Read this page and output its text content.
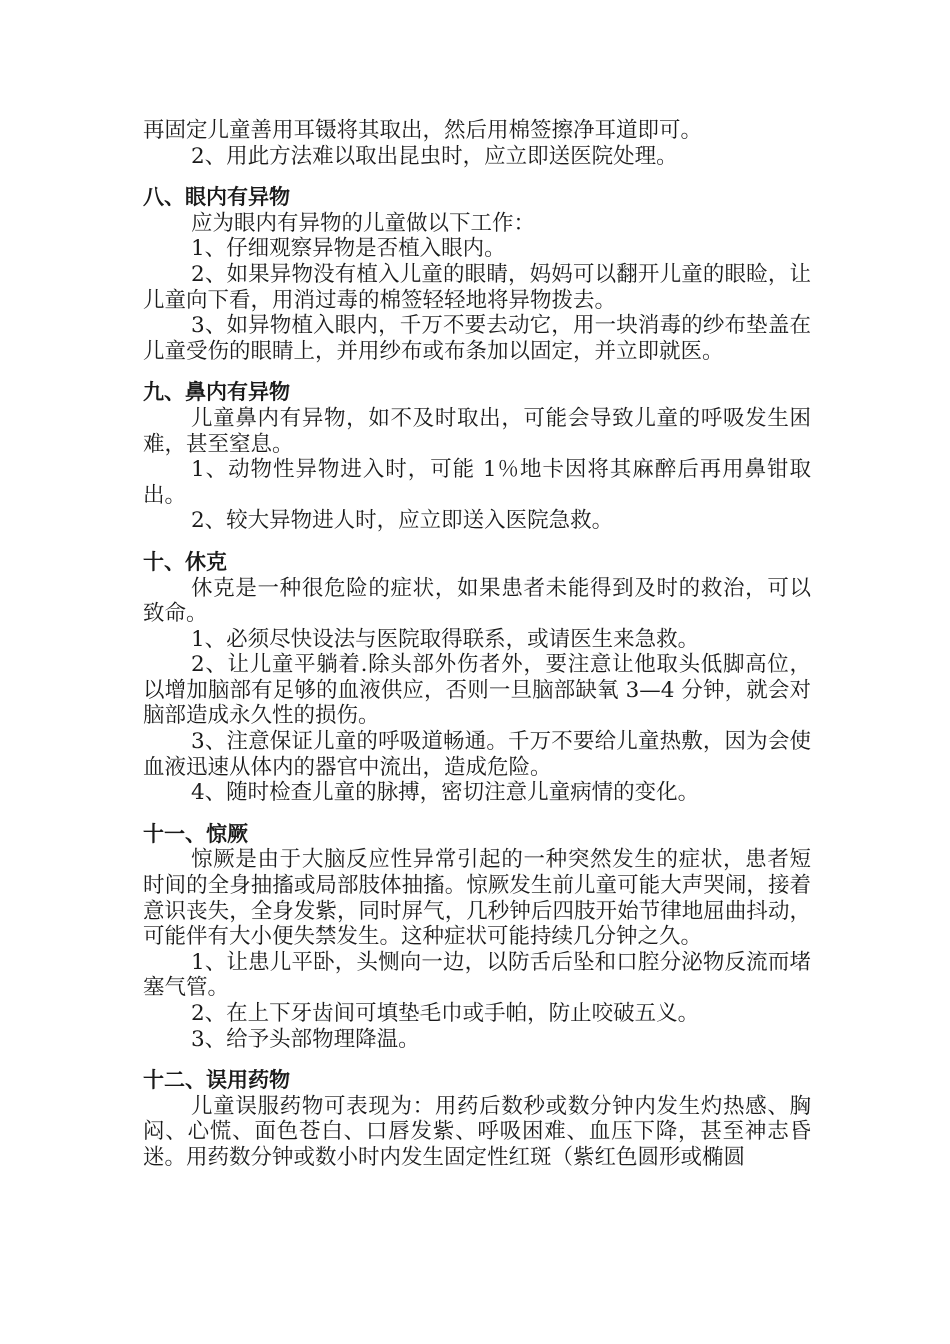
再固定儿童善用耳镊将其取出，然后用棉签擦净耳道即可。

2、用此方法难以取出昆虫时，应立即送医院处理。

八、眼内有异物

应为眼内有异物的儿童做以下工作：

1、仔细观察异物是否植入眼内。

2、如果异物没有植入儿童的眼睛，妈妈可以翻开儿童的眼睑，让儿童向下看，用消过毒的棉签轻轻地将异物拨去。

3、如异物植入眼内，千万不要去动它，用一块消毒的纱布垫盖在儿童受伤的眼睛上，并用纱布或布条加以固定，并立即就医。

九、鼻内有异物

儿童鼻内有异物，如不及时取出，可能会导致儿童的呼吸发生困难，甚至窒息。

1、动物性异物进入时，可能 1％地卡因将其麻醉后再用鼻钳取出。

2、较大异物进人时，应立即送入医院急救。

十、休克

休克是一种很危险的症状，如果患者未能得到及时的救治，可以致命。

1、必须尽快设法与医院取得联系，或请医生来急救。

2、让儿童平躺着.除头部外伤者外，要注意让他取头低脚高位，以增加脑部有足够的血液供应，否则一旦脑部缺氧 3—4 分钟，就会对脑部造成永久性的损伤。

3、注意保证儿童的呼吸道畅通。千万不要给儿童热敷，因为会使血液迅速从体内的器官中流出，造成危险。

4、随时检查儿童的脉搏，密切注意儿童病情的变化。

十一、惊厥

惊厥是由于大脑反应性异常引起的一种突然发生的症状，患者短时间的全身抽搐或局部肢体抽搐。惊厥发生前儿童可能大声哭闹，接着意识丧失，全身发紫，同时屏气，几秒钟后四肢开始节律地屈曲抖动，可能伴有大小便失禁发生。这种症状可能持续几分钟之久。

1、让患儿平卧，头恻向一边，以防舌后坠和口腔分泌物反流而堵塞气管。

2、在上下牙齿间可填垫毛巾或手帕，防止咬破五义。

3、给予头部物理降温。

十二、误用药物

儿童误服药物可表现为：用药后数秒或数分钟内发生灼热感、胸闷、心慌、面色苍白、口唇发紫、呼吸困难、血压下降，甚至神志昏迷。用药数分钟或数小时内发生固定性红斑（紫红色圆形或椭圆
